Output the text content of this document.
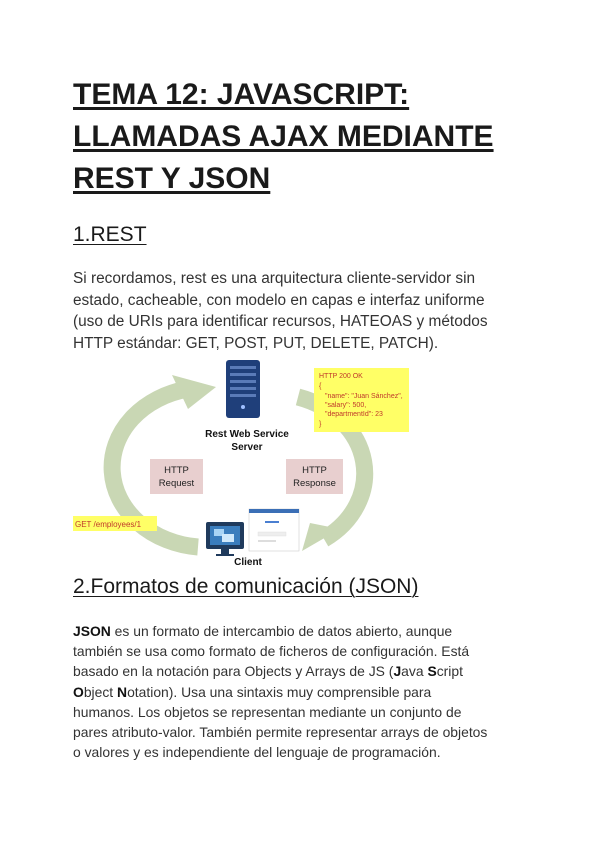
TEMA 12: JAVASCRIPT:
LLAMADAS AJAX MEDIANTE
REST Y JSON
1.REST

Si recordamos, rest es una arquitectura cliente-servidor sin
estado, cacheable, con modelo en capas e interfaz uniforme
(uso de URIs para identificar recursos, HATEOAS y métodos
HTTP estándar: GET, POST, PUT, DELETE, PATCH).

Rest Web Service
Server
HTTP 200 OK
{
"name": "Juan Sánchez",
"salary": 500,
"departmentId": 23
}
HTTP
Request
HTTP
Response
GET /employees/1
Client
2.Formatos de comunicación (JSON)

JSON es un formato de intercambio de datos abierto, aunque
también se usa como formato de ficheros de configuración. Está
basado en la notación para Objects y Arrays de JS (Java Script
Object Notation). Usa una sintaxis muy comprensible para
humanos. Los objetos se representan mediante un conjunto de
pares atributo-valor. También permite representar arrays de objetos
o valores y es independiente del lenguaje de programación.
